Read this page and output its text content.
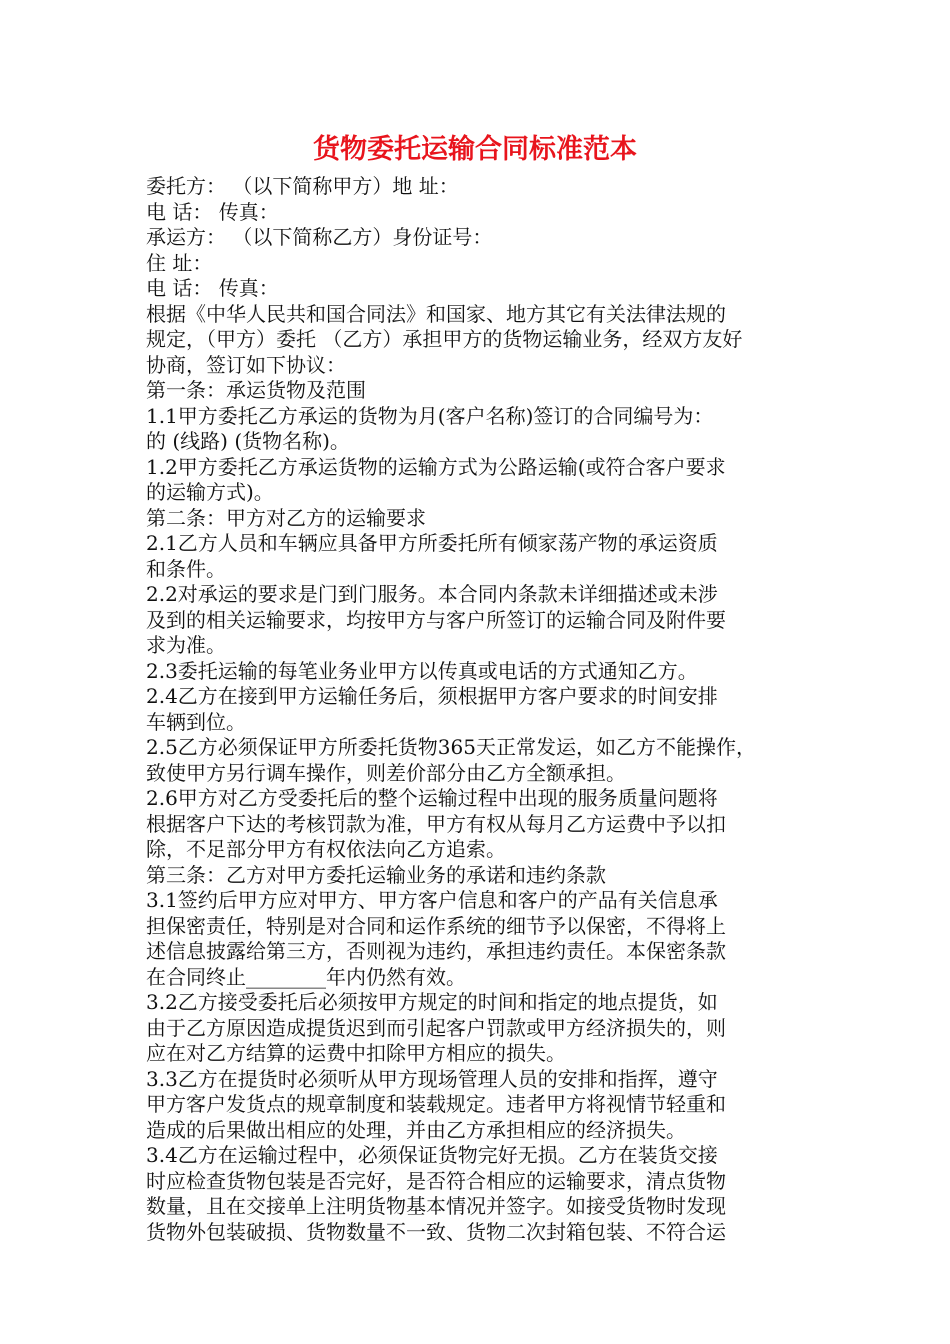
货物委托运输合同标准范本
委托方： （以下简称甲方）地 址：
电 话： 传真：
承运方： （以下简称乙方）身份证号：
住 址：
电 话： 传真：
根据《中华人民共和国合同法》和国家、地方其它有关法律法规的
规定，（甲方）委托 （乙方）承担甲方的货物运输业务，经双方友好
协商，签订如下协议：
第一条：承运货物及范围
1.1甲方委托乙方承运的货物为月(客户名称)签订的合同编号为：
的 (线路) (货物名称)。
1.2甲方委托乙方承运货物的运输方式为公路运输(或符合客户要求
的运输方式)。
第二条：甲方对乙方的运输要求
2.1乙方人员和车辆应具备甲方所委托所有倾家荡产物的承运资质
和条件。
2.2对承运的要求是门到门服务。本合同内条款未详细描述或未涉
及到的相关运输要求，均按甲方与客户所签订的运输合同及附件要
求为准。
2.3委托运输的每笔业务业甲方以传真或电话的方式通知乙方。
2.4乙方在接到甲方运输任务后，须根据甲方客户要求的时间安排
车辆到位。
2.5乙方必须保证甲方所委托货物365天正常发运，如乙方不能操作，
致使甲方另行调车操作，则差价部分由乙方全额承担。
2.6甲方对乙方受委托后的整个运输过程中出现的服务质量问题将
根据客户下达的考核罚款为准，甲方有权从每月乙方运费中予以扣
除，不足部分甲方有权依法向乙方追索。
第三条：乙方对甲方委托运输业务的承诺和违约条款
3.1签约后甲方应对甲方、甲方客户信息和客户的产品有关信息承
担保密责任，特别是对合同和运作系统的细节予以保密，不得将上
述信息披露给第三方，否则视为违约，承担违约责任。本保密条款
在合同终止________年内仍然有效。
3.2乙方接受委托后必须按甲方规定的时间和指定的地点提货，如
由于乙方原因造成提货迟到而引起客户罚款或甲方经济损失的，则
应在对乙方结算的运费中扣除甲方相应的损失。
3.3乙方在提货时必须听从甲方现场管理人员的安排和指挥，遵守
甲方客户发货点的规章制度和装载规定。违者甲方将视情节轻重和
造成的后果做出相应的处理，并由乙方承担相应的经济损失。
3.4乙方在运输过程中，必须保证货物完好无损。乙方在装货交接
时应检查货物包装是否完好，是否符合相应的运输要求，清点货物
数量，且在交接单上注明货物基本情况并签字。如接受货物时发现
货物外包装破损、货物数量不一致、货物二次封箱包装、不符合运
